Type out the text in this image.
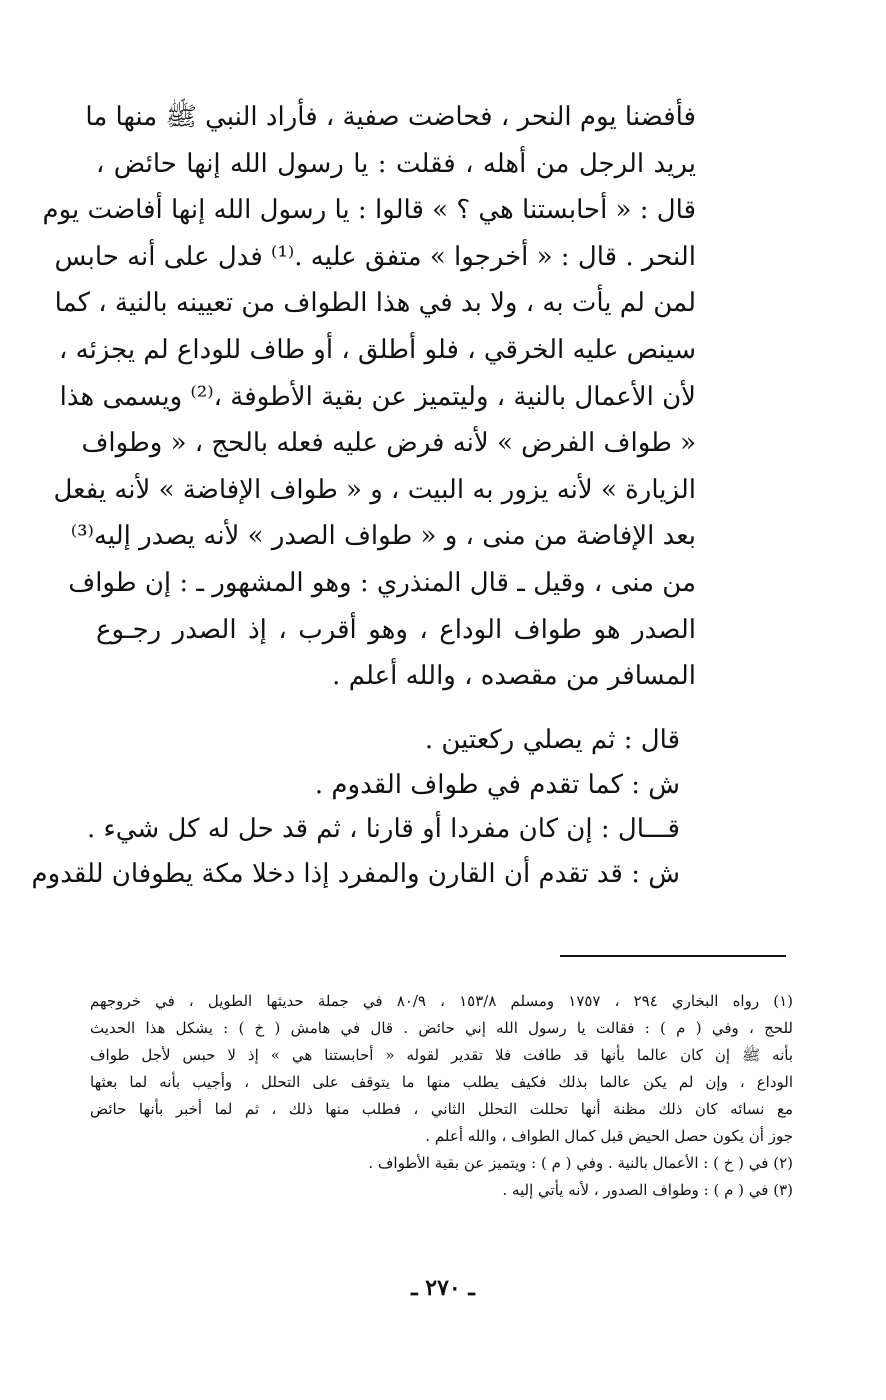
فأفضنا يوم النحر ، فحاضت صفية ، فأراد النبي ﷺ منها ما
يريد الرجل من أهله ، فقلت : يا رسول الله إنها حائض ،
قال : « أحابستنا هي ؟ » قالوا : يا رسول الله إنها أفاضت يوم
النحر . قال : « أخرجوا » متفق عليه .⁽¹⁾ فدل على أنه حابس
لمن لم يأت به ، ولا بد في هذا الطواف من تعيينه بالنية ، كما
سينص عليه الخرقي ، فلو أطلق ، أو طاف للوداع لم يجزئه ،
لأن الأعمال بالنية ، وليتميز عن بقية الأطوفة ،⁽²⁾ ويسمى هذا
« طواف الفرض » لأنه فرض عليه فعله بالحج ، « وطواف
الزيارة » لأنه يزور به البيت ، و « طواف الإفاضة » لأنه يفعل
بعد الإفاضة من منى ، و « طواف الصدر » لأنه يصدر إليه⁽³⁾
من منى ، وقيل ـ قال المنذري : وهو المشهور ـ : إن طواف
الصدر هو طواف الوداع ، وهو أقرب ، إذ الصدر رجـوع
المسافر من مقصده ، والله أعلم .
قال : ثم يصلي ركعتين .
ش : كما تقدم في طواف القدوم .
قـــال : إن كان مفردا أو قارنا ، ثم قد حل له كل شيء .
ش : قد تقدم أن القارن والمفرد إذا دخلا مكة يطوفان للقدوم
(١) رواه البخاري ٢٩٤ ، ١٧٥٧ ومسلم ١٥٣/٨ ، ٨٠/٩ في جملة حديثها الطويل ، في خروجهم
للحج ، وفي ( م ) : فقالت يا رسول الله إني حائض . قال في هامش ( خ ) : يشكل هذا الحديث
بأنه ﷺ إن كان عالما بأنها قد طافت فلا تقدير لقوله « أحابستنا هي » إذ لا حبس لأجل طواف
الوداع ، وإن لم يكن عالما بذلك فكيف يطلب منها ما يتوقف على التحلل ، وأجيب بأنه لما بعثها
مع نسائه كان ذلك مظنة أنها تحللت التحلل الثاني ، فطلب منها ذلك ، ثم لما أخبر بأنها حائض
جوز أن يكون حصل الحيض قبل كمال الطواف ، والله أعلم .
(٢) في ( خ ) : الأعمال بالنية . وفي ( م ) : ويتميز عن بقية الأطواف .
(٣) في ( م ) : وطواف الصدور ، لأنه يأتي إليه .
ـ ٢٧٠ ـ
